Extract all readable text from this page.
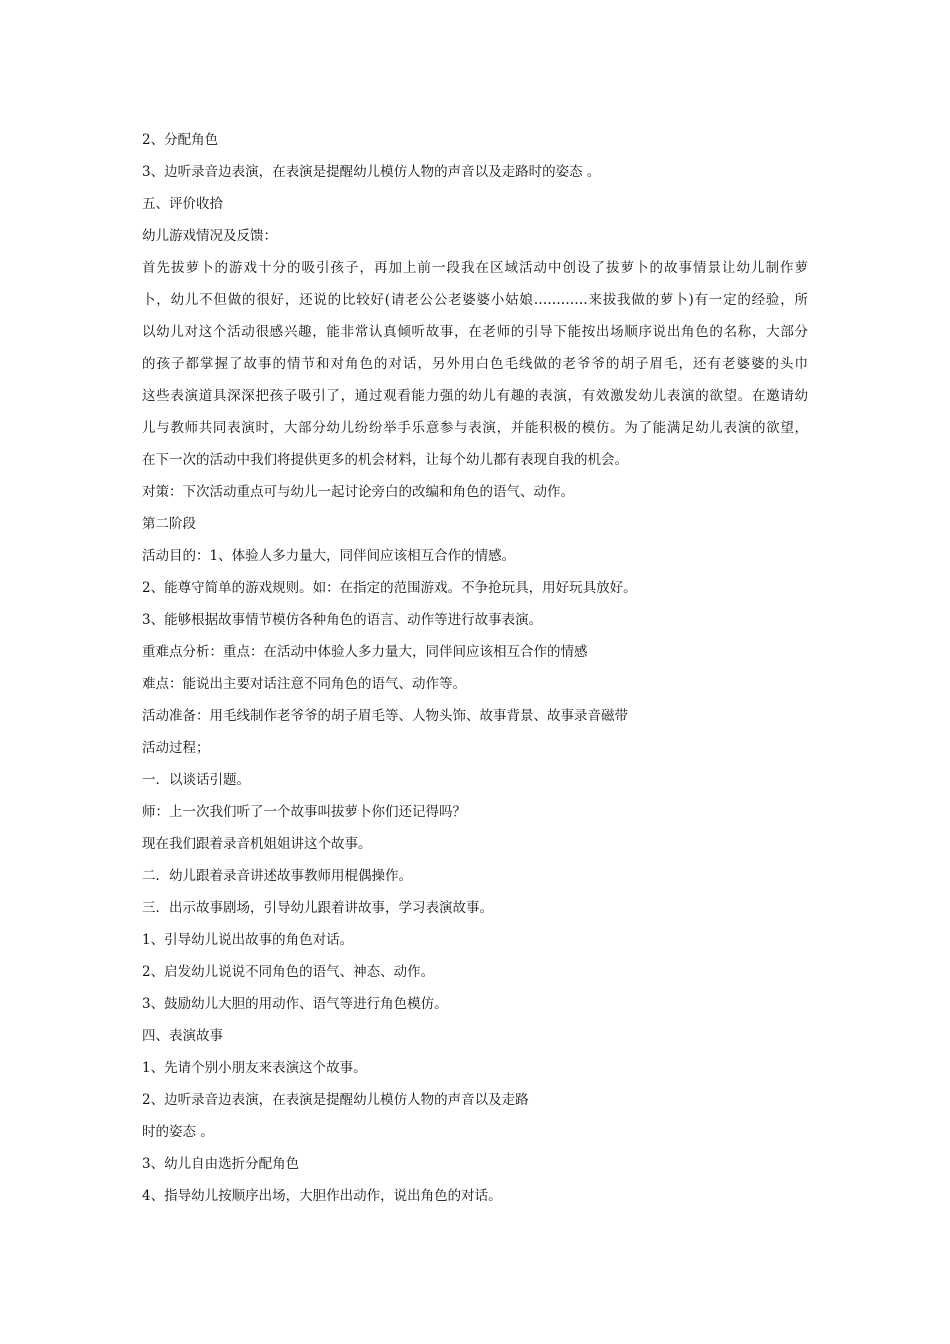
2、分配角色
3、边听录音边表演，在表演是提醒幼儿模仿人物的声音以及走路时的姿态 。
五、评价收拾
幼儿游戏情况及反馈：
首先拔萝卜的游戏十分的吸引孩子，再加上前一段我在区域活动中创设了拔萝卜的故事情景让幼儿制作萝
卜，幼儿不但做的很好，还说的比较好(请老公公老婆婆小姑娘…………来拔我做的萝卜)有一定的经验，所
以幼儿对这个活动很感兴趣，能非常认真倾听故事，在老师的引导下能按出场顺序说出角色的名称，大部分
的孩子都掌握了故事的情节和对角色的对话，另外用白色毛线做的老爷爷的胡子眉毛，还有老婆婆的头巾
这些表演道具深深把孩子吸引了，通过观看能力强的幼儿有趣的表演，有效激发幼儿表演的欲望。在邀请幼
儿与教师共同表演时，大部分幼儿纷纷举手乐意参与表演，并能积极的模仿。为了能满足幼儿表演的欲望，
在下一次的活动中我们将提供更多的机会材料，让每个幼儿都有表现自我的机会。
对策：下次活动重点可与幼儿一起讨论旁白的改编和角色的语气、动作。
第二阶段
活动目的：1、体验人多力量大，同伴间应该相互合作的情感。
2、能尊守简单的游戏规则。如：在指定的范围游戏。不争抢玩具，用好玩具放好。
3、能够根据故事情节模仿各种角色的语言、动作等进行故事表演。
重难点分析：重点：在活动中体验人多力量大，同伴间应该相互合作的情感
难点：能说出主要对话注意不同角色的语气、动作等。
活动准备：用毛线制作老爷爷的胡子眉毛等、人物头饰、故事背景、故事录音磁带
活动过程；
一．以谈话引题。
师：上一次我们听了一个故事叫拔萝卜你们还记得吗？
现在我们跟着录音机姐姐讲这个故事。
二．幼儿跟着录音讲述故事教师用棍偶操作。
三．出示故事剧场，引导幼儿跟着讲故事，学习表演故事。
1、引导幼儿说出故事的角色对话。
2、启发幼儿说说不同角色的语气、神态、动作。
3、鼓励幼儿大胆的用动作、语气等进行角色模仿。
四、表演故事
1、先请个别小朋友来表演这个故事。
2、边听录音边表演，在表演是提醒幼儿模仿人物的声音以及走路
时的姿态 。
3、幼儿自由选折分配角色
4、指导幼儿按顺序出场，大胆作出动作，说出角色的对话。
